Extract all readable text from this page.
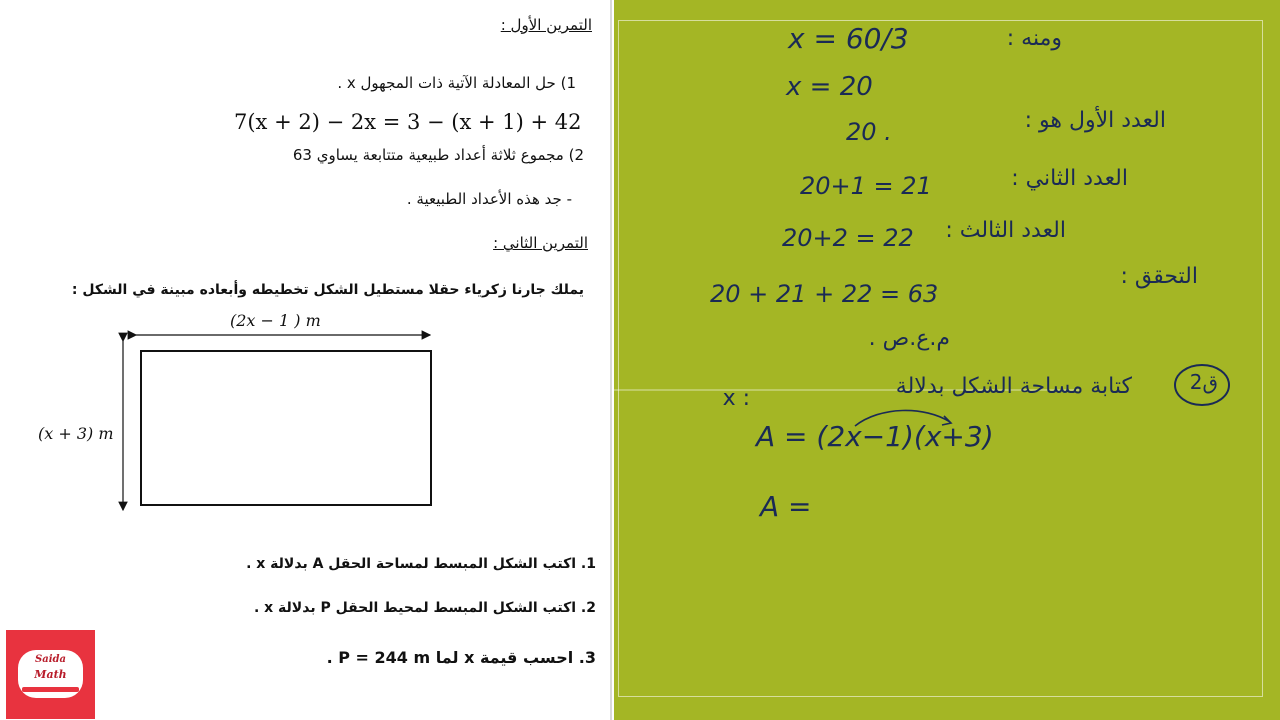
التمرين الأول :
1) حل المعادلة الآتية ذات المجهول x .
7(x + 2) − 2x = 3 − (x + 1) + 42
2) مجموع ثلاثة أعداد طبيعية متتابعة يساوي 63
- جد هذه الأعداد الطبيعية .
التمرين الثاني :
يملك جارنا زكرياء حقلا مستطيل الشكل تخطيطه وأبعاده مبينة في الشكل :
(2x − 1 ) m
(x + 3) m
1. اكتب الشكل المبسط لمساحة الحقل A بدلالة x .
2. اكتب الشكل المبسط لمحيط الحقل P بدلالة x .
3. احسب قيمة x لما P = 244 m .
Saida
Math
x = 60/3	ومنه :
x = 20
العدد الأول هو :
20 .
العدد الثاني :
20+1 = 21
العدد الثالث :
20+2 = 22
التحقق :
20 + 21 + 22 = 63
م.ع.ص .
كتابة مساحة الشكل بدلالة
: x
ق2
A = (2x−1)(x+3)
A =
